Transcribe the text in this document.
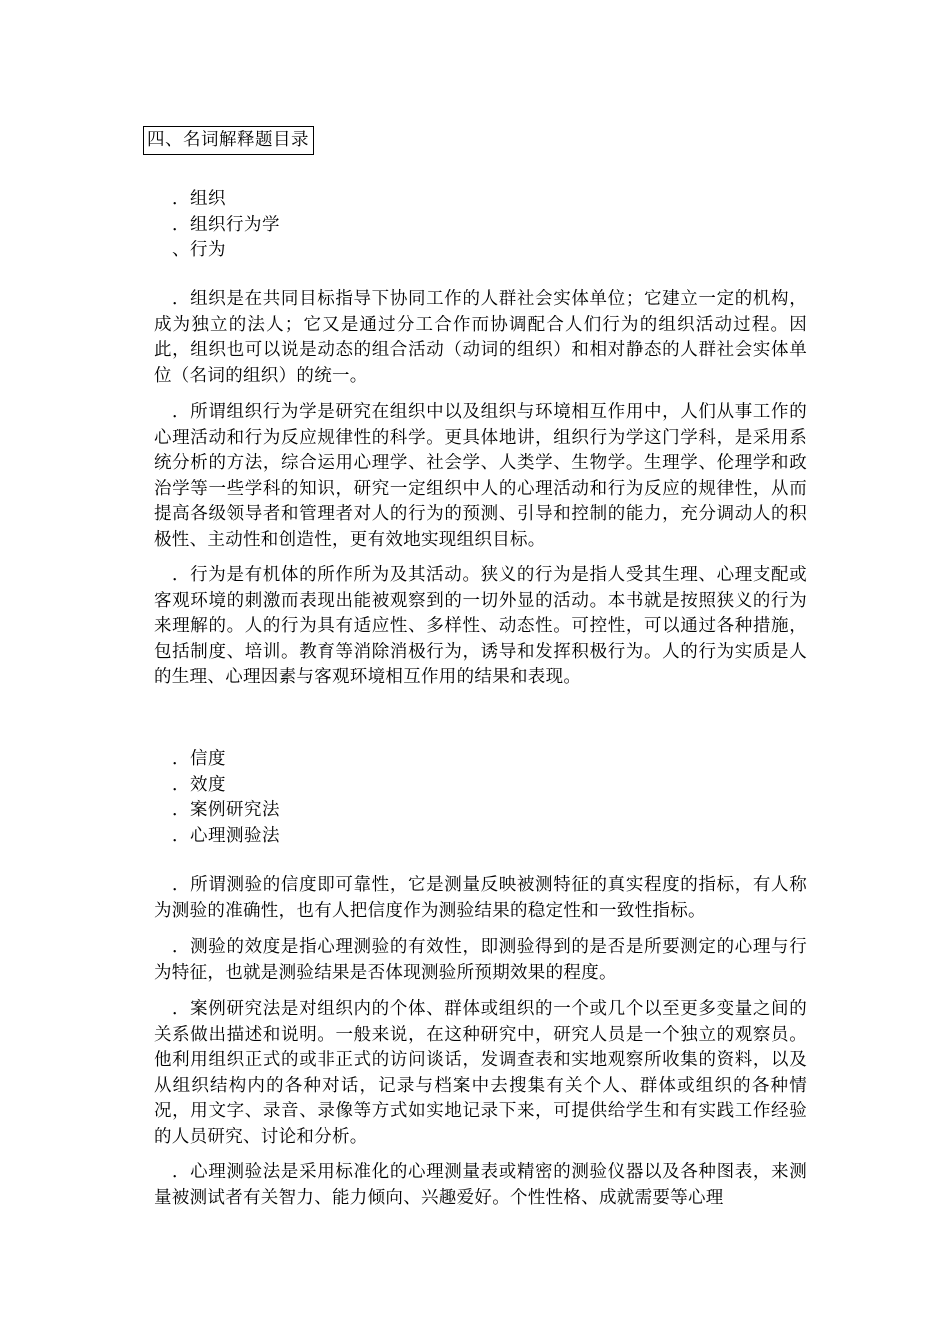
四、名词解释题目录
．组织
．组织行为学
、行为

．组织是在共同目标指导下协同工作的人群社会实体单位；它建立一定的机构，成为独立的法人；它又是通过分工合作而协调配合人们行为的组织活动过程。因此，组织也可以说是动态的组合活动（动词的组织）和相对静态的人群社会实体单位（名词的组织）的统一。

．所谓组织行为学是研究在组织中以及组织与环境相互作用中，人们从事工作的心理活动和行为反应规律性的科学。更具体地讲，组织行为学这门学科，是采用系统分析的方法，综合运用心理学、社会学、人类学、生物学。生理学、伦理学和政治学等一些学科的知识，研究一定组织中人的心理活动和行为反应的规律性，从而提高各级领导者和管理者对人的行为的预测、引导和控制的能力，充分调动人的积极性、主动性和创造性，更有效地实现组织目标。

．行为是有机体的所作所为及其活动。狭义的行为是指人受其生理、心理支配或客观环境的刺激而表现出能被观察到的一切外显的活动。本书就是按照狭义的行为来理解的。人的行为具有适应性、多样性、动态性。可控性，可以通过各种措施，包括制度、培训。教育等消除消极行为，诱导和发挥积极行为。人的行为实质是人的生理、心理因素与客观环境相互作用的结果和表现。

．信度
．效度
．案例研究法
．心理测验法

．所谓测验的信度即可靠性，它是测量反映被测特征的真实程度的指标，有人称为测验的准确性，也有人把信度作为测验结果的稳定性和一致性指标。

．测验的效度是指心理测验的有效性，即测验得到的是否是所要测定的心理与行为特征，也就是测验结果是否体现测验所预期效果的程度。

．案例研究法是对组织内的个体、群体或组织的一个或几个以至更多变量之间的关系做出描述和说明。一般来说，在这种研究中，研究人员是一个独立的观察员。他利用组织正式的或非正式的访问谈话，发调查表和实地观察所收集的资料，以及从组织结构内的各种对话，记录与档案中去搜集有关个人、群体或组织的各种情况，用文字、录音、录像等方式如实地记录下来，可提供给学生和有实践工作经验的人员研究、讨论和分析。

．心理测验法是采用标准化的心理测量表或精密的测验仪器以及各种图表，来测量被测试者有关智力、能力倾向、兴趣爱好。个性性格、成就需要等心理
